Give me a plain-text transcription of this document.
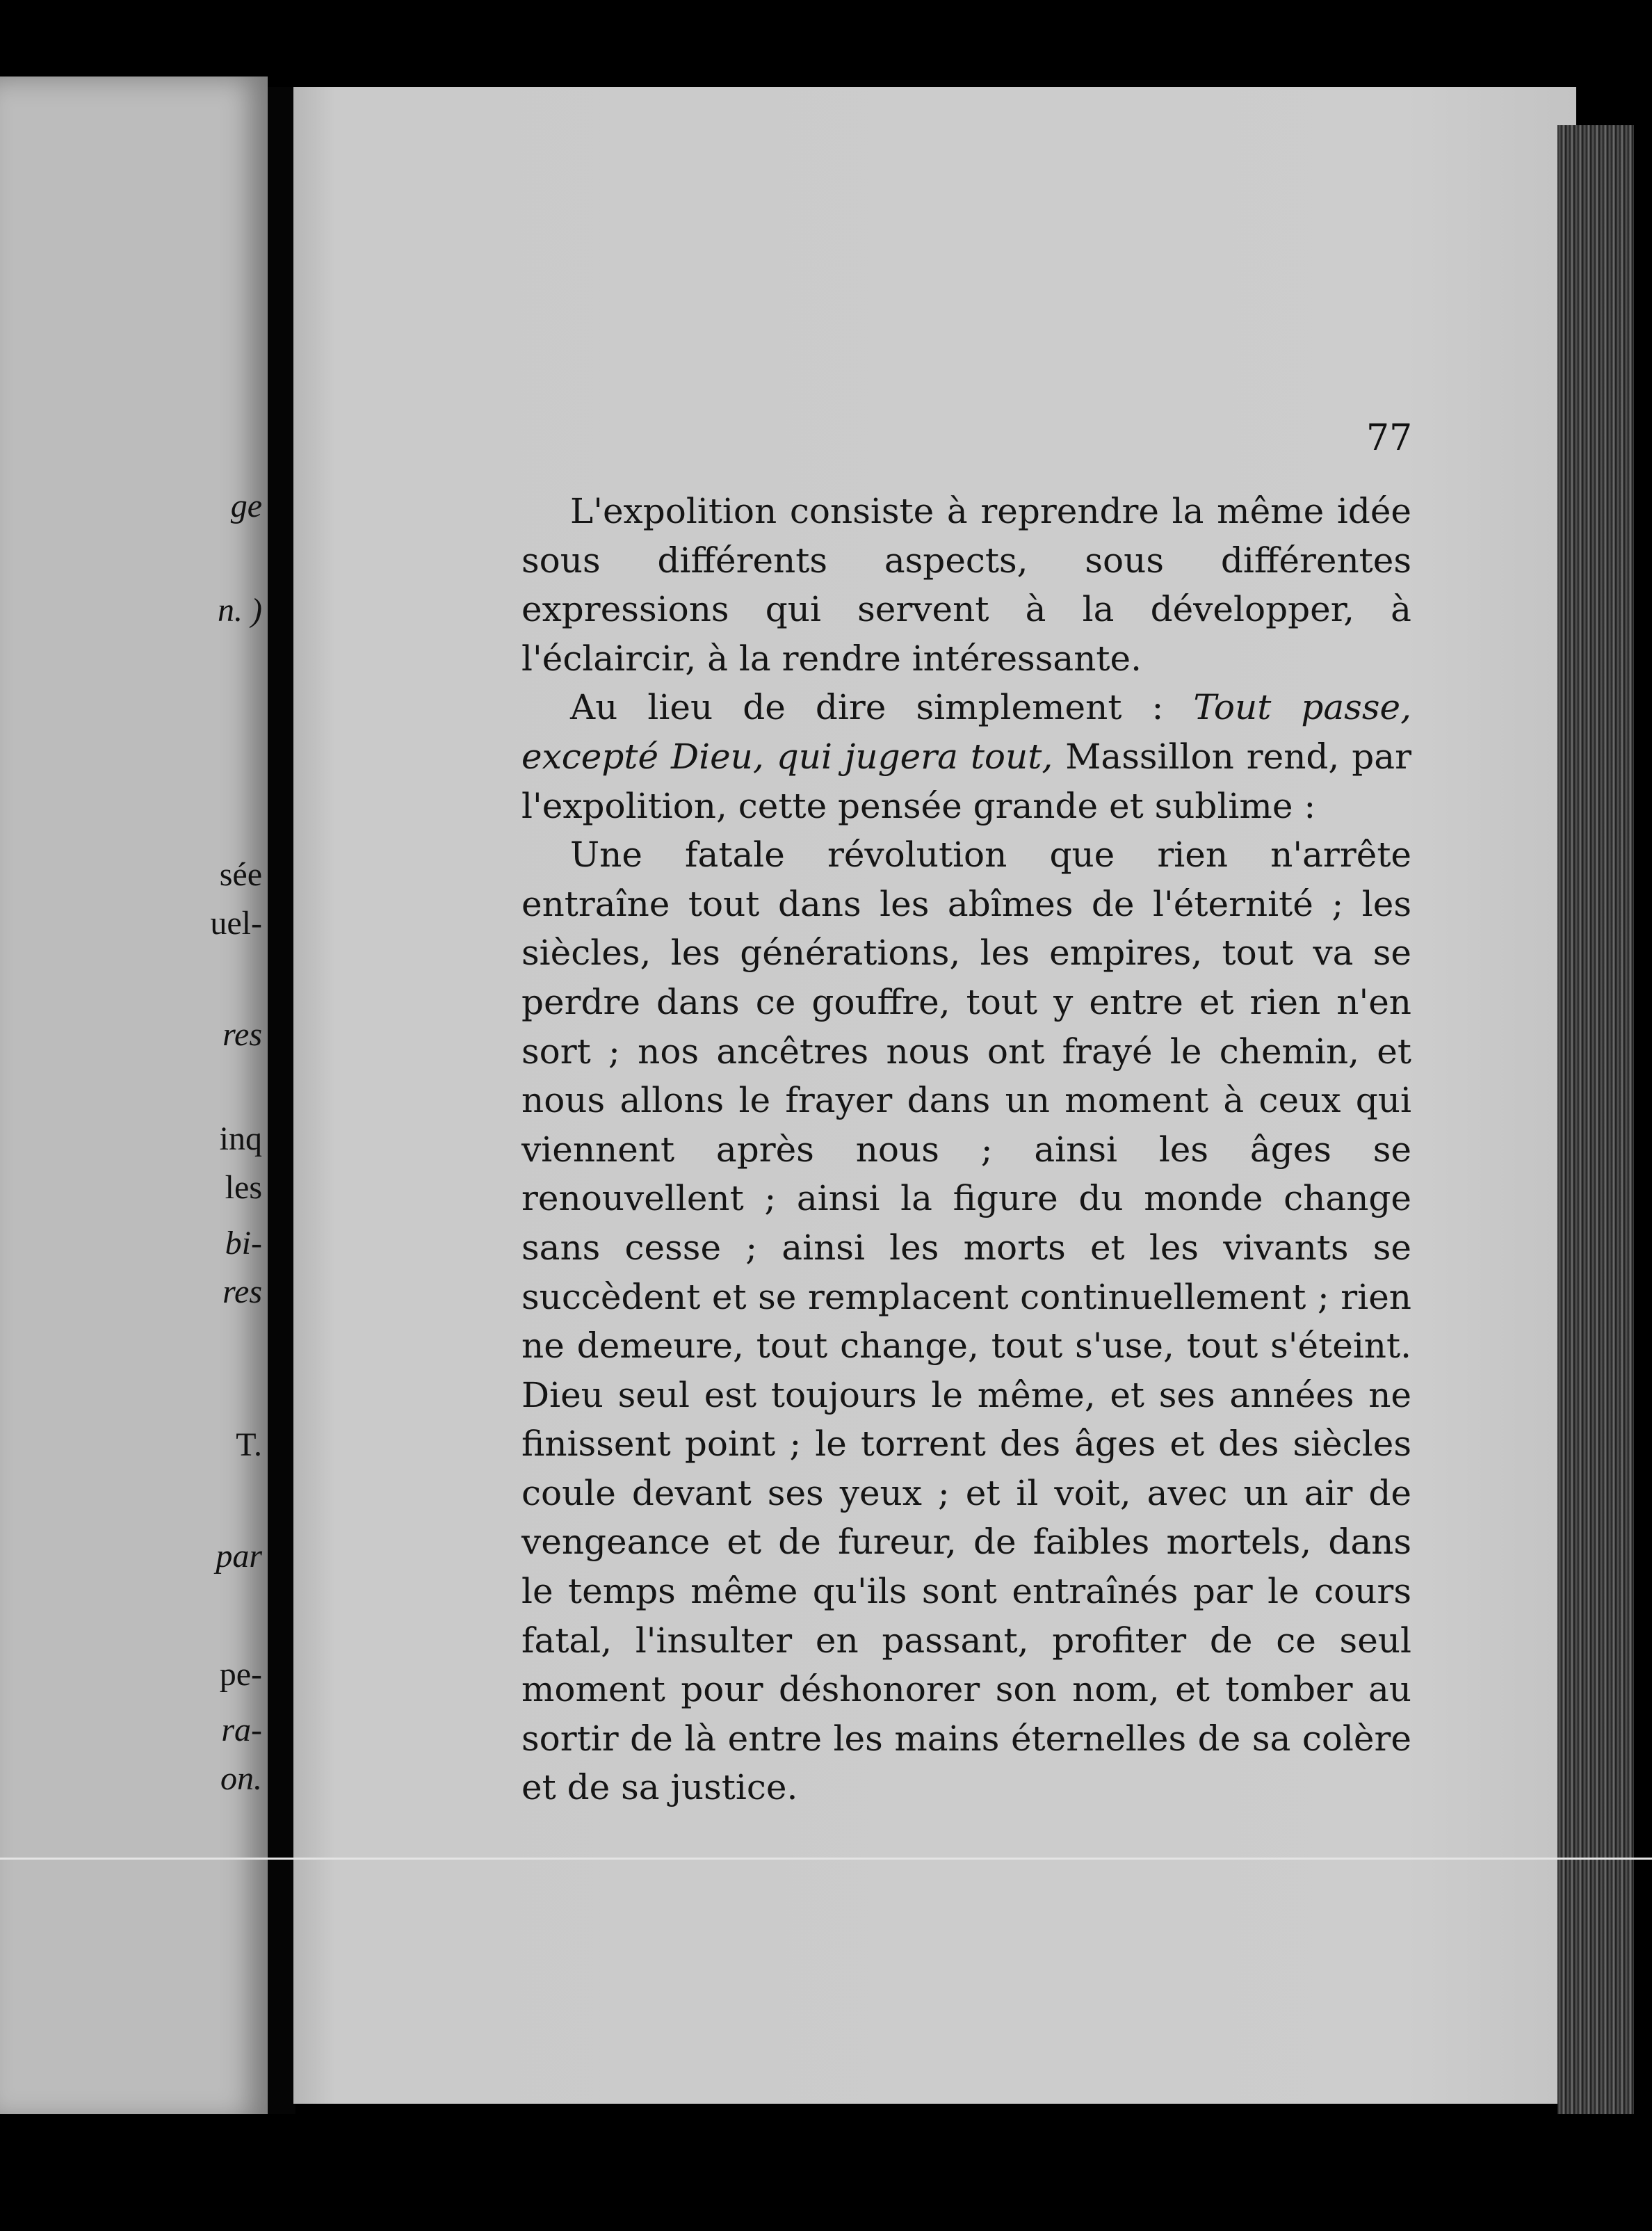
ge
n. )
sée
uel-
res
inq
les
bi-
res
T.
par
pe-
ra-
on.
77

L'expolition consiste à reprendre la même idée sous différents aspects, sous différentes expressions qui servent à la développer, à l'éclaircir, à la rendre intéressante.

Au lieu de dire simplement : Tout passe, excepté Dieu, qui jugera tout, Massillon rend, par l'expolition, cette pensée grande et sublime :

Une fatale révolution que rien n'arrête entraîne tout dans les abîmes de l'éternité ; les siècles, les générations, les empires, tout va se perdre dans ce gouffre, tout y entre et rien n'en sort ; nos ancêtres nous ont frayé le chemin, et nous allons le frayer dans un moment à ceux qui viennent après nous ; ainsi les âges se renouvellent ; ainsi la figure du monde change sans cesse ; ainsi les morts et les vivants se succèdent et se remplacent continuellement ; rien ne demeure, tout change, tout s'use, tout s'éteint. Dieu seul est toujours le même, et ses années ne finissent point ; le torrent des âges et des siècles coule devant ses yeux ; et il voit, avec un air de vengeance et de fureur, de faibles mortels, dans le temps même qu'ils sont entraînés par le cours fatal, l'insulter en passant, profiter de ce seul moment pour déshonorer son nom, et tomber au sortir de là entre les mains éternelles de sa colère et de sa justice.
